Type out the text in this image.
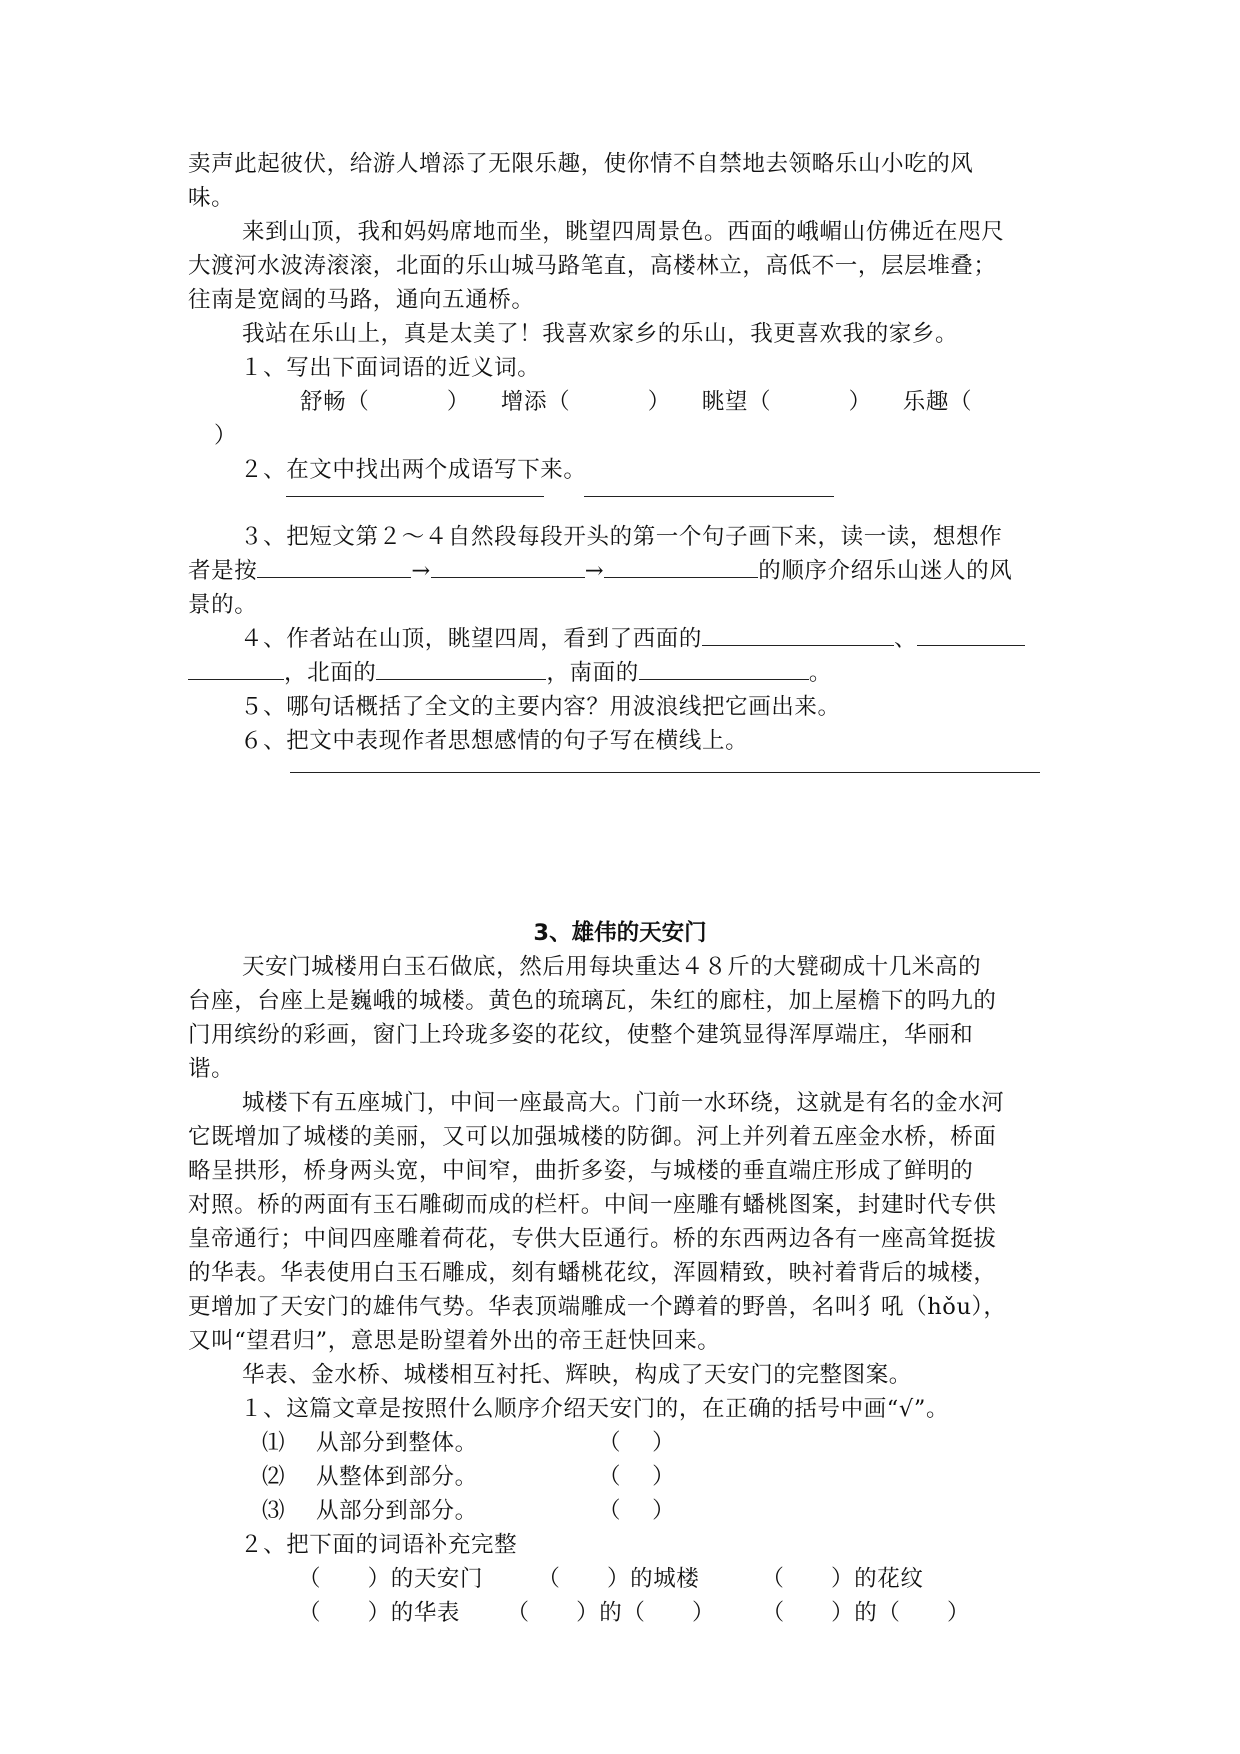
卖声此起彼伏，给游人增添了无限乐趣，使你情不自禁地去领略乐山小吃的风
味。
来到山顶，我和妈妈席地而坐，眺望四周景色。西面的峨嵋山仿佛近在咫尺
大渡河水波涛滚滚，北面的乐山城马路笔直，高楼林立，高低不一，层层堆叠；
往南是宽阔的马路，通向五通桥。
我站在乐山上，真是太美了！我喜欢家乡的乐山，我更喜欢我的家乡。
１、写出下面词语的近义词。
舒畅（          ）    增添（          ）    眺望（          ）    乐趣（
）
２、在文中找出两个成语写下来。
３、把短文第２～４自然段每段开头的第一个句子画下来，读一读，想想作
者是按	→	→	的顺序介绍乐山迷人的风
景的。
４、作者站在山顶，眺望四周，看到了西面的	、
，北面的	，南面的	。
５、哪句话概括了全文的主要内容？用波浪线把它画出来。
６、把文中表现作者思想感情的句子写在横线上。
3、雄伟的天安门
天安门城楼用白玉石做底，然后用每块重达４８斤的大甓砌成十几米高的
台座，台座上是巍峨的城楼。黄色的琉璃瓦，朱红的廊柱，加上屋檐下的吗九的
门用缤纷的彩画，窗门上玲珑多姿的花纹，使整个建筑显得浑厚端庄，华丽和
谐。
城楼下有五座城门，中间一座最高大。门前一水环绕，这就是有名的金水河
它既增加了城楼的美丽，又可以加强城楼的防御。河上并列着五座金水桥，桥面
略呈拱形，桥身两头宽，中间窄，曲折多姿，与城楼的垂直端庄形成了鲜明的
对照。桥的两面有玉石雕砌而成的栏杆。中间一座雕有蟠桃图案，封建时代专供
皇帝通行；中间四座雕着荷花，专供大臣通行。桥的东西两边各有一座高耸挺拔
的华表。华表使用白玉石雕成，刻有蟠桃花纹，浑圆精致，映衬着背后的城楼，
更增加了天安门的雄伟气势。华表顶端雕成一个蹲着的野兽，名叫犭吼（hǒu），
又叫“望君归”，意思是盼望着外出的帝王赶快回来。
华表、金水桥、城楼相互衬托、辉映，构成了天安门的完整图案。
１、这篇文章是按照什么顺序介绍天安门的，在正确的括号中画“√”。
⑴	从部分到整体。	（    ）
⑵	从整体到部分。	（    ）
⑶	从部分到部分。	（    ）
２、把下面的词语补充完整
（      ）的天安门       （      ）的城楼        （      ）的花纹
（      ）的华表      （      ）的（      ）      （      ）的（      ）
